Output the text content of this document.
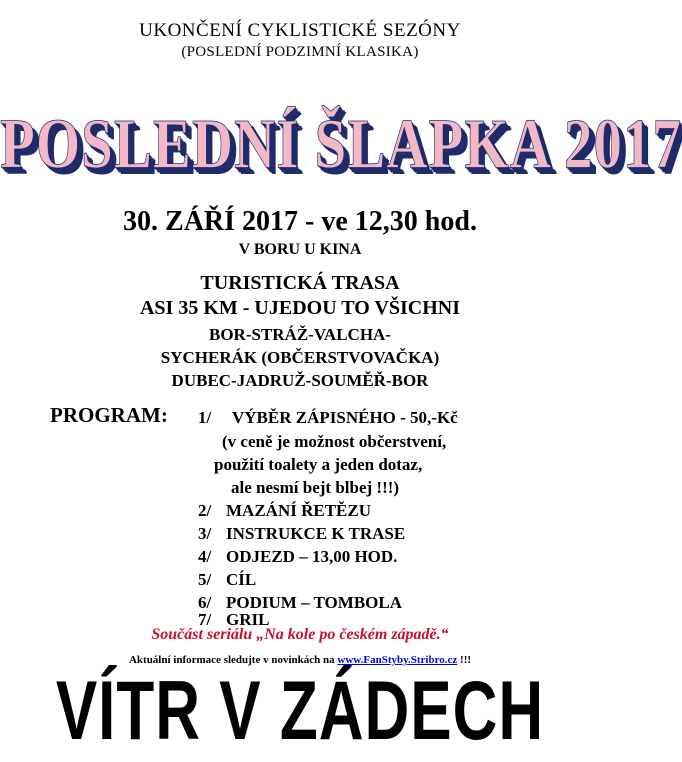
UKONČENÍ CYKLISTICKÉ SEZÓNY
(POSLEDNÍ PODZIMNÍ KLASIKA)
POSLEDNÍ ŠLAPKA 2017
30. ZÁŘÍ 2017 - ve 12,30 hod.
V BORU U KINA
TURISTICKÁ TRASA
ASI 35 KM - UJEDOU TO VŠICHNI
BOR-STRÁŽ-VALCHA-
SYCHERÁK (OBČERSTVOVAČKA)
DUBEC-JADRUŽ-SOUMĚŘ-BOR
PROGRAM: 1/ VÝBĚR ZÁPISNÉHO - 50,-Kč
(v ceně je možnost občerstvení,
použití toalety a jeden dotaz,
ale nesmí bejt blbej !!!)
2/ MAZÁNÍ ŘETĚZU
3/ INSTRUKCE K TRASE
4/ ODJEZD – 13,00 HOD.
5/ CÍL
6/ PODIUM – TOMBOLA
7/ GRIL
Součást seriálu „Na kole po českém západě.“
Aktuální informace sledujte v novinkách na www.FanStyby.Stribro.cz !!!
VÍTR V ZÁDECH
